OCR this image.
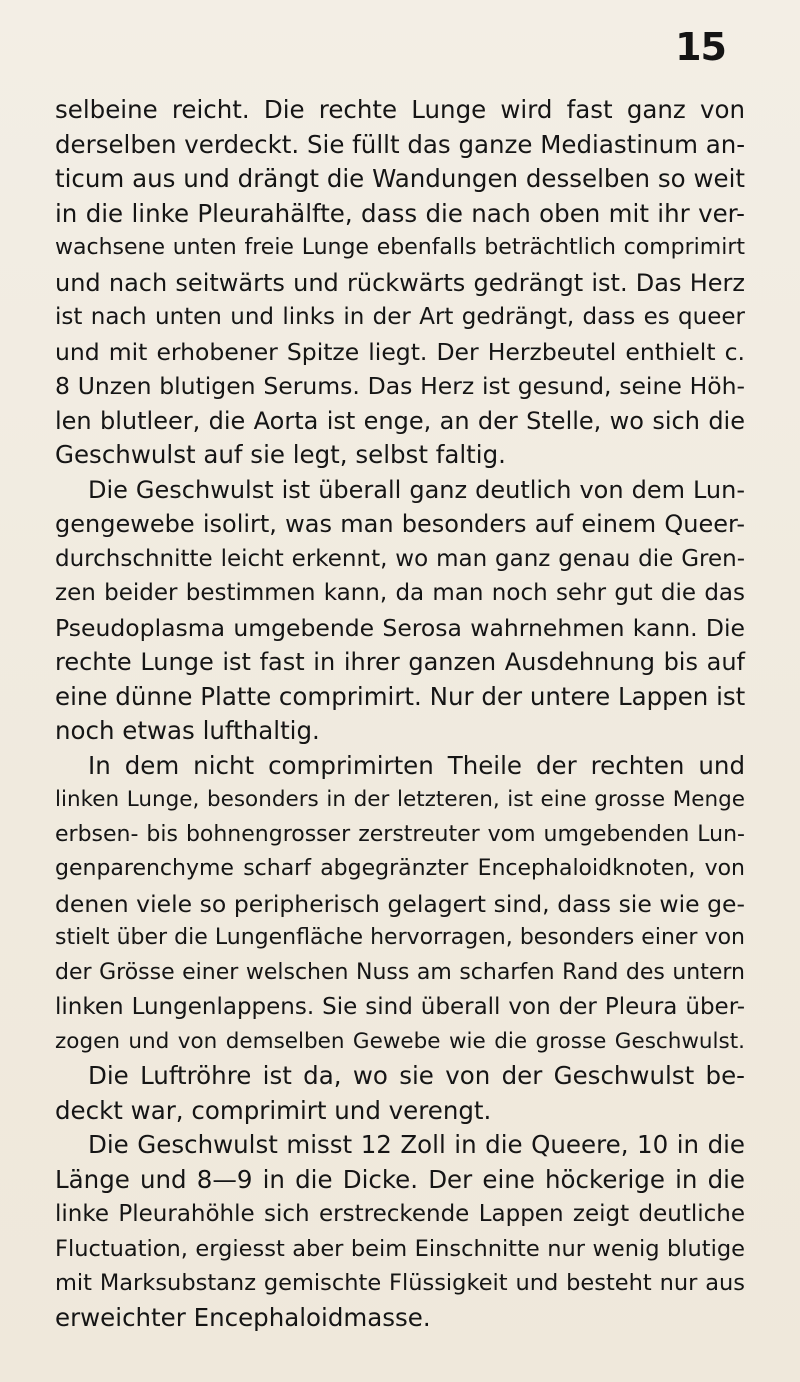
15
selbeine reicht. Die rechte Lunge wird fast ganz von
derselben verdeckt. Sie füllt das ganze Mediastinum an-
ticum aus und drängt die Wandungen desselben so weit
in die linke Pleurahälfte, dass die nach oben mit ihr ver-
wachsene unten freie Lunge ebenfalls beträchtlich comprimirt
und nach seitwärts und rückwärts gedrängt ist. Das Herz
ist nach unten und links in der Art gedrängt, dass es queer
und mit erhobener Spitze liegt. Der Herzbeutel enthielt c.
8 Unzen blutigen Serums. Das Herz ist gesund, seine Höh-
len blutleer, die Aorta ist enge, an der Stelle, wo sich die
Geschwulst auf sie legt, selbst faltig.
Die Geschwulst ist überall ganz deutlich von dem Lun-
gengewebe isolirt, was man besonders auf einem Queer-
durchschnitte leicht erkennt, wo man ganz genau die Gren-
zen beider bestimmen kann, da man noch sehr gut die das
Pseudoplasma umgebende Serosa wahrnehmen kann. Die
rechte Lunge ist fast in ihrer ganzen Ausdehnung bis auf
eine dünne Platte comprimirt. Nur der untere Lappen ist
noch etwas lufthaltig.
In dem nicht comprimirten Theile der rechten und
linken Lunge, besonders in der letzteren, ist eine grosse Menge
erbsen- bis bohnengrosser zerstreuter vom umgebenden Lun-
genparenchyme scharf abgegränzter Encephaloidknoten, von
denen viele so peripherisch gelagert sind, dass sie wie ge-
stielt über die Lungenfläche hervorragen, besonders einer von
der Grösse einer welschen Nuss am scharfen Rand des untern
linken Lungenlappens. Sie sind überall von der Pleura über-
zogen und von demselben Gewebe wie die grosse Geschwulst.
Die Luftröhre ist da, wo sie von der Geschwulst be-
deckt war, comprimirt und verengt.
Die Geschwulst misst 12 Zoll in die Queere, 10 in die
Länge und 8—9 in die Dicke. Der eine höckerige in die
linke Pleurahöhle sich erstreckende Lappen zeigt deutliche
Fluctuation, ergiesst aber beim Einschnitte nur wenig blutige
mit Marksubstanz gemischte Flüssigkeit und besteht nur aus
erweichter Encephaloidmasse.
